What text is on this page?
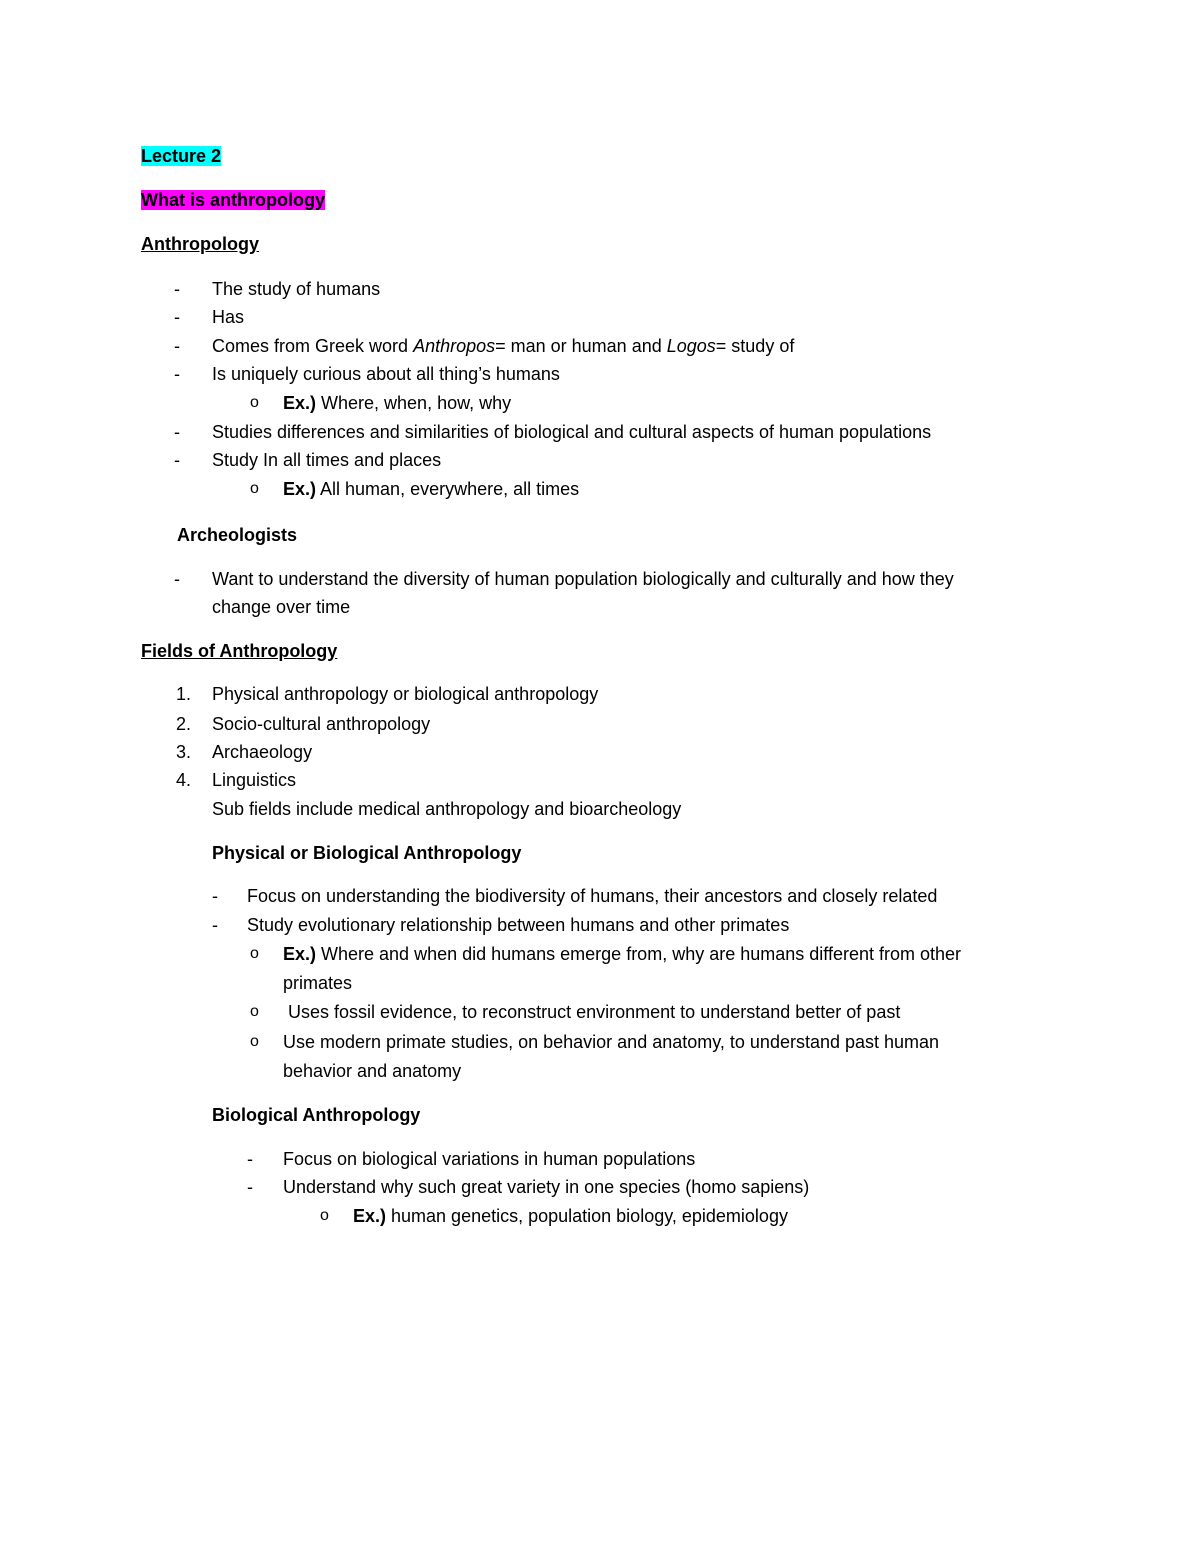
Lecture 2
What is anthropology
Anthropology
- The study of humans
- Has
- Comes from Greek word Anthropos= man or human and Logos= study of
- Is uniquely curious about all thing’s humans
o Ex.) Where, when, how, why
- Studies differences and similarities of biological and cultural aspects of human populations
- Study In all times and places
o Ex.) All human, everywhere, all times
Archeologists
- Want to understand the diversity of human population biologically and culturally and how they
change over time
Fields of Anthropology
1. Physical anthropology or biological anthropology
2. Socio-cultural anthropology
3. Archaeology
4. Linguistics
Sub fields include medical anthropology and bioarcheology
Physical or Biological Anthropology
- Focus on understanding the biodiversity of humans, their ancestors and closely related
- Study evolutionary relationship between humans and other primates
o Ex.) Where and when did humans emerge from, why are humans different from other
primates
o Uses fossil evidence, to reconstruct environment to understand better of past
o Use modern primate studies, on behavior and anatomy, to understand past human
behavior and anatomy
Biological Anthropology
- Focus on biological variations in human populations
- Understand why such great variety in one species (homo sapiens)
o Ex.) human genetics, population biology, epidemiology
